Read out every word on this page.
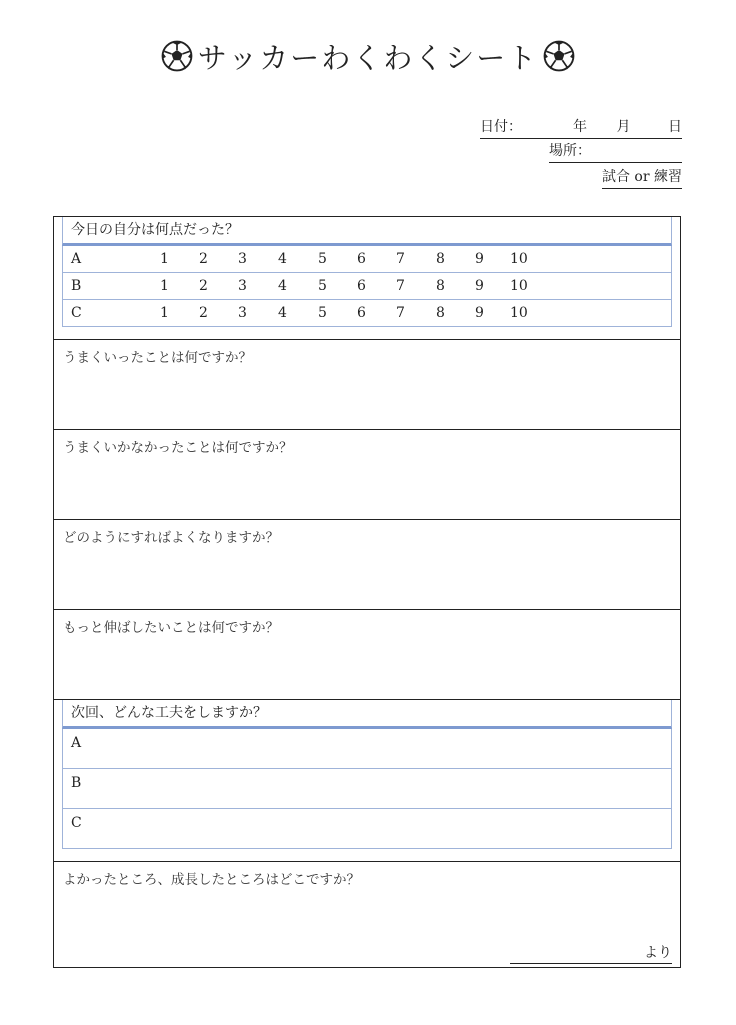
サッカーわくわくシート
日付：	年	月	日
場所：
試合 or 練習
今日の自分は何点だった？
A	1 2 3 4 5 6 7 8 9 10
B	1 2 3 4 5 6 7 8 9 10
C	1 2 3 4 5 6 7 8 9 10
うまくいったことは何ですか？
うまくいかなかったことは何ですか？
どのようにすればよくなりますか？
もっと伸ばしたいことは何ですか？
次回、どんな工夫をしますか？
A
B
C
よかったところ、成長したところはどこですか？
より
